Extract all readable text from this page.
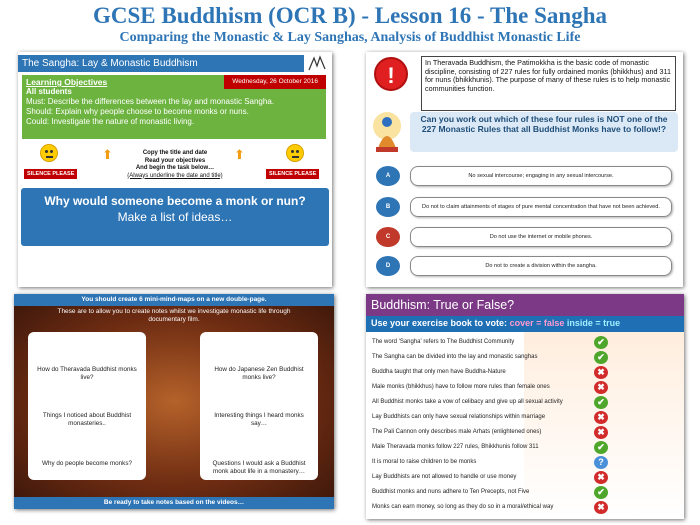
GCSE Buddhism (OCR B) - Lesson 16 - The Sangha
Comparing the Monastic & Lay Sanghas, Analysis of Buddhist Monastic Life
The Sangha: Lay & Monastic Buddhism
Wednesday, 26 October 2016
Learning Objectives
All students
Must: Describe the differences between the lay and monastic Sangha.
Should: Explain why people choose to become monks or nuns.
Could: Investigate the nature of monastic living.
SILENCE PLEASE	SILENCE PLEASE
⬆	⬆
Copy the title and date
Read your objectives
And begin the task below…
(Always underline the date and title)
Why would someone become a monk or nun?
Make a list of ideas…
!
In Theravada Buddhism, the Patimokkha is the basic code of monastic discipline, consisting of 227 rules for fully ordained monks (bhikkhus) and 311 for nuns (bhikkhunis). The purpose of many of these rules is to help monastic communities function.
Can you work out which of these four rules is NOT one of the 227 Monastic Rules that all Buddhist Monks have to follow!?
A	No sexual intercourse; engaging in any sexual intercourse.
B	Do not to claim attainments of stages of pure mental concentration that have not been achieved.
C	Do not use the internet or mobile phones.
D	Do not to create a division within the sangha.
You should create 6 mini-mind-maps on a new double-page.
These are to allow you to create notes whilst we investigate monastic life through documentary film.
How do Theravada Buddhist monks live?
Things I noticed about Buddhist monasteries..
Why do people become monks?
How do Japanese Zen Buddhist monks live?
Interesting things I heard monks say…
Questions I would ask a Buddhist monk about life in a monastery…
Be ready to take notes based on the videos…
Buddhism: True or False?
Use your exercise book to vote: cover = false inside = true
The word 'Sangha' refers to The Buddhist Community	✔
The Sangha can be divided into the lay and monastic sanghas	✔
Buddha taught that only men have Buddha-Nature	✖
Male monks (bhikkhus) have to follow more rules than female ones	✖
All Buddhist monks take a vow of celibacy and give up all sexual activity	✔
Lay Buddhists can only have sexual relationships within marriage	✖
The Pali Cannon only describes male Arhats (enlightened ones)	✖
Male Theravada monks follow 227 rules, Bhikkhunis follow 311	✔
It is moral to raise children to be monks	?
Lay Buddhists are not allowed to handle or use money	✖
Buddhist monks and nuns adhere to Ten Precepts, not Five	✔
Monks can earn money, so long as they do so in a moral/ethical way	✖
